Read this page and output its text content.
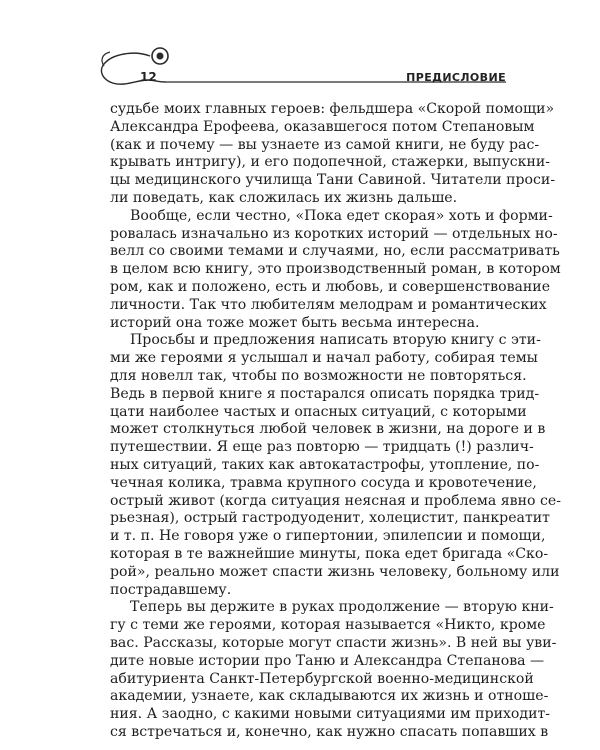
12	ПРЕДИСЛОВИЕ
судьбе моих главных героев: фельдшера «Скорой помощи»
Александра Ерофеева, оказавшегося потом Степановым
(как и почему — вы узнаете из самой книги, не буду рас-
крывать интригу), и его подопечной, стажерки, выпускни-
цы медицинского училища Тани Савиной. Читатели проси-
ли поведать, как сложилась их жизнь дальше.
Вообще, если честно, «Пока едет скорая» хоть и форми-
ровалась изначально из коротких историй — отдельных но-
велл со своими темами и случаями, но, если рассматривать
в целом всю книгу, это производственный роман, в котором
ром, как и положено, есть и любовь, и совершенствование
личности. Так что любителям мелодрам и романтических
историй она тоже может быть весьма интересна.
Просьбы и предложения написать вторую книгу с эти-
ми же героями я услышал и начал работу, собирая темы
для новелл так, чтобы по возможности не повторяться.
Ведь в первой книге я постарался описать порядка трид-
цати наиболее частых и опасных ситуаций, с которыми
может столкнуться любой человек в жизни, на дороге и в
путешествии. Я еще раз повторю — тридцать (!) различ-
ных ситуаций, таких как автокатастрофы, утопление, по-
чечная колика, травма крупного сосуда и кровотечение,
острый живот (когда ситуация неясная и проблема явно се-
рьезная), острый гастродуоденит, холецистит, панкреатит
и т. п. Не говоря уже о гипертонии, эпилепсии и помощи,
которая в те важнейшие минуты, пока едет бригада «Ско-
рой», реально может спасти жизнь человеку, больному или
пострадавшему.
Теперь вы держите в руках продолжение — вторую кни-
гу с теми же героями, которая называется «Никто, кроме
вас. Рассказы, которые могут спасти жизнь». В ней вы уви-
дите новые истории про Таню и Александра Степанова —
абитуриента Санкт-Петербургской военно-медицинской
академии, узнаете, как складываются их жизнь и отноше-
ния. А заодно, с какими новыми ситуациями им приходит-
ся встречаться и, конечно, как нужно спасать попавших в
